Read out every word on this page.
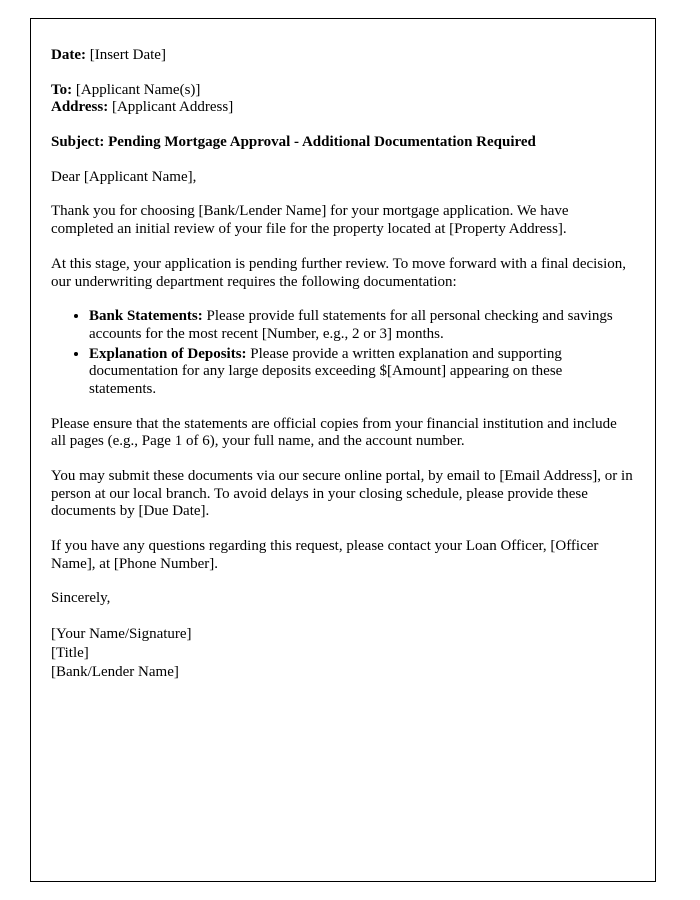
Date: [Insert Date]

To: [Applicant Name(s)]

Address: [Applicant Address]

Subject: Pending Mortgage Approval - Additional Documentation Required

Dear [Applicant Name],

Thank you for choosing [Bank/Lender Name] for your mortgage application. We have completed an initial review of your file for the property located at [Property Address].

At this stage, your application is pending further review. To move forward with a final decision, our underwriting department requires the following documentation:

• Bank Statements: Please provide full statements for all personal checking and savings accounts for the most recent [Number, e.g., 2 or 3] months.
• Explanation of Deposits: Please provide a written explanation and supporting documentation for any large deposits exceeding $[Amount] appearing on these statements.

Please ensure that the statements are official copies from your financial institution and include all pages (e.g., Page 1 of 6), your full name, and the account number.

You may submit these documents via our secure online portal, by email to [Email Address], or in person at our local branch. To avoid delays in your closing schedule, please provide these documents by [Due Date].

If you have any questions regarding this request, please contact your Loan Officer, [Officer Name], at [Phone Number].

Sincerely,

[Your Name/Signature]
[Title]
[Bank/Lender Name]
